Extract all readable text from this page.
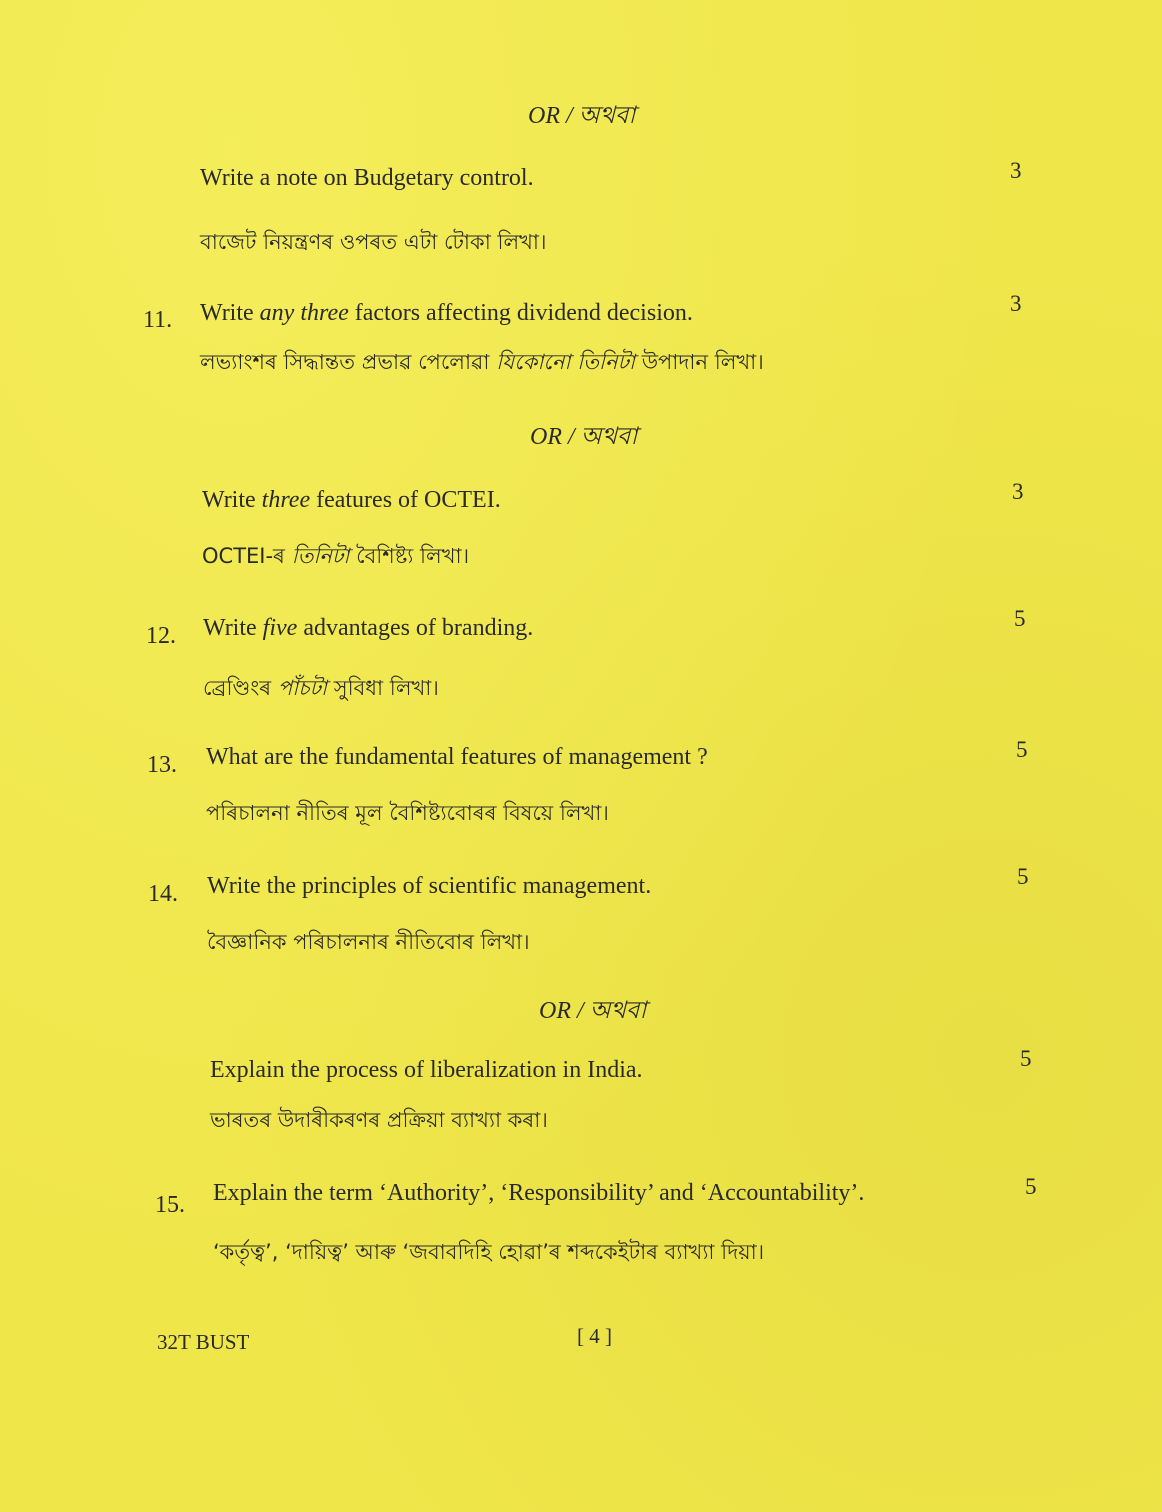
OR / অথবা
Write a note on Budgetary control.	3
বাজেট নিয়ন্ত্ৰণৰ ওপৰত এটা টোকা লিখা।
11. Write any three factors affecting dividend decision.	3
লভ্যাংশৰ সিদ্ধান্তত প্ৰভাৱ পেলোৱা যিকোনো তিনিটা উপাদান লিখা।
OR / অথবা
Write three features of OCTEI.	3
OCTEI-ৰ তিনিটা বৈশিষ্ট্য লিখা।
12. Write five advantages of branding.	5
ব্ৰেণ্ডিংৰ পাঁচটা সুবিধা লিখা।
13. What are the fundamental features of management ?	5
পৰিচালনা নীতিৰ মূল বৈশিষ্ট্যবোৰৰ বিষয়ে লিখা।
14. Write the principles of scientific management.	5
বৈজ্ঞানিক পৰিচালনাৰ নীতিবোৰ লিখা।
OR / অথবা
Explain the process of liberalization in India.	5
ভাৰতৰ উদাৰীকৰণৰ প্ৰক্ৰিয়া ব্যাখ্যা কৰা।
15. Explain the term ‘Authority’, ‘Responsibility’ and ‘Accountability’.	5
‘কৰ্তৃত্ব’, ‘দায়িত্ব’ আৰু ‘জবাবদিহি হোৱা’ৰ শব্দকেইটাৰ ব্যাখ্যা দিয়া।
32T BUST	[ 4 ]
